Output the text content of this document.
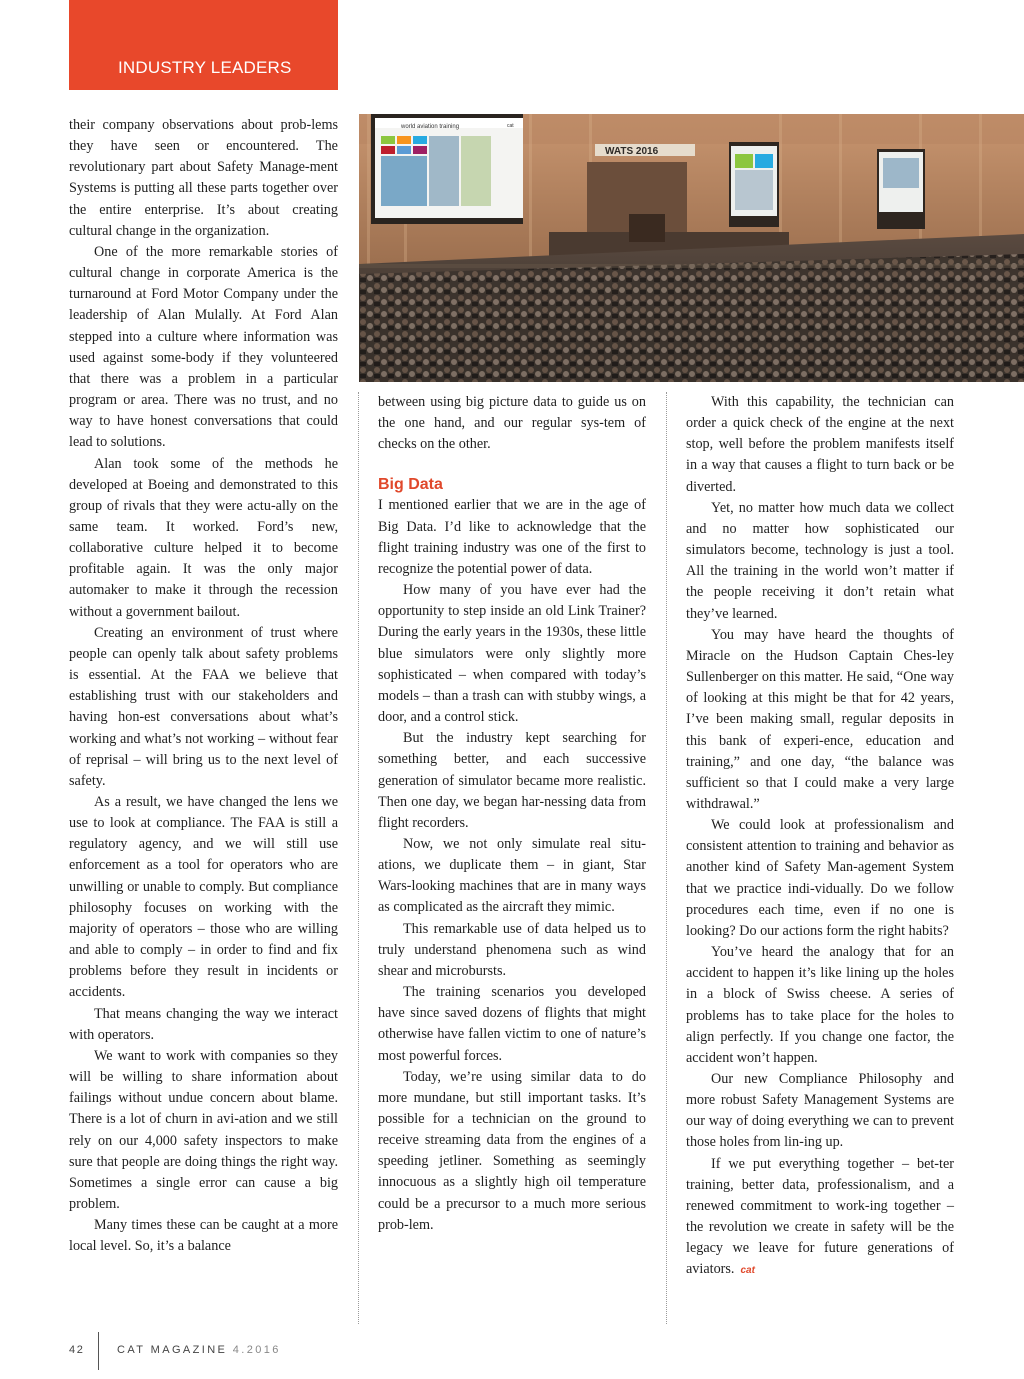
INDUSTRY LEADERS
world aviation training	cat
WATS 2016

their company observations about prob-lems they have seen or encountered. The revolutionary part about Safety Manage-ment Systems is putting all these parts together over the entire enterprise. It’s about creating cultural change in the organization.

One of the more remarkable stories of cultural change in corporate America is the turnaround at Ford Motor Company under the leadership of Alan Mulally. At Ford Alan stepped into a culture where information was used against some-body if they volunteered that there was a problem in a particular program or area. There was no trust, and no way to have honest conversations that could lead to solutions.

Alan took some of the methods he developed at Boeing and demonstrated to this group of rivals that they were actu-ally on the same team. It worked. Ford’s new, collaborative culture helped it to become profitable again. It was the only major automaker to make it through the recession without a government bailout.

Creating an environment of trust where people can openly talk about safety problems is essential. At the FAA we believe that establishing trust with our stakeholders and having hon-est conversations about what’s working and what’s not working – without fear of reprisal – will bring us to the next level of safety.

As a result, we have changed the lens we use to look at compliance. The FAA is still a regulatory agency, and we will still use enforcement as a tool for operators who are unwilling or unable to comply. But compliance philosophy focuses on working with the majority of operators – those who are willing and able to comply – in order to find and fix problems before they result in incidents or accidents.

That means changing the way we interact with operators.

We want to work with companies so they will be willing to share information about failings without undue concern about blame. There is a lot of churn in avi-ation and we still rely on our 4,000 safety inspectors to make sure that people are doing things the right way. Sometimes a single error can cause a big problem.

Many times these can be caught at a more local level. So, it’s a balance

between using big picture data to guide us on the one hand, and our regular sys-tem of checks on the other.

Big Data

I mentioned earlier that we are in the age of Big Data. I’d like to acknowledge that the flight training industry was one of the first to recognize the potential power of data.

How many of you have ever had the opportunity to step inside an old Link Trainer? During the early years in the 1930s, these little blue simulators were only slightly more sophisticated – when compared with today’s models – than a trash can with stubby wings, a door, and a control stick.

But the industry kept searching for something better, and each successive generation of simulator became more realistic. Then one day, we began har-nessing data from flight recorders.

Now, we not only simulate real situ-ations, we duplicate them – in giant, Star Wars-looking machines that are in many ways as complicated as the aircraft they mimic.

This remarkable use of data helped us to truly understand phenomena such as wind shear and microbursts.

The training scenarios you developed have since saved dozens of flights that might otherwise have fallen victim to one of nature’s most powerful forces.

Today, we’re using similar data to do more mundane, but still important tasks. It’s possible for a technician on the ground to receive streaming data from the engines of a speeding jetliner. Something as seemingly innocuous as a slightly high oil temperature could be a precursor to a much more serious prob-lem.

With this capability, the technician can order a quick check of the engine at the next stop, well before the problem manifests itself in a way that causes a flight to turn back or be diverted.

Yet, no matter how much data we collect and no matter how sophisticated our simulators become, technology is just a tool. All the training in the world won’t matter if the people receiving it don’t retain what they’ve learned.

You may have heard the thoughts of Miracle on the Hudson Captain Ches-ley Sullenberger on this matter. He said, “One way of looking at this might be that for 42 years, I’ve been making small, regular deposits in this bank of experi-ence, education and training,” and one day, “the balance was sufficient so that I could make a very large withdrawal.”

We could look at professionalism and consistent attention to training and behavior as another kind of Safety Man-agement System that we practice indi-vidually. Do we follow procedures each time, even if no one is looking? Do our actions form the right habits?

You’ve heard the analogy that for an accident to happen it’s like lining up the holes in a block of Swiss cheese. A series of problems has to take place for the holes to align perfectly. If you change one factor, the accident won’t happen.

Our new Compliance Philosophy and more robust Safety Management Systems are our way of doing everything we can to prevent those holes from lin-ing up.

If we put everything together – bet-ter training, better data, professionalism, and a renewed commitment to work-ing together – the revolution we create in safety will be the legacy we leave for future generations of aviators. cat

42	CAT MAGAZINE 4.2016
